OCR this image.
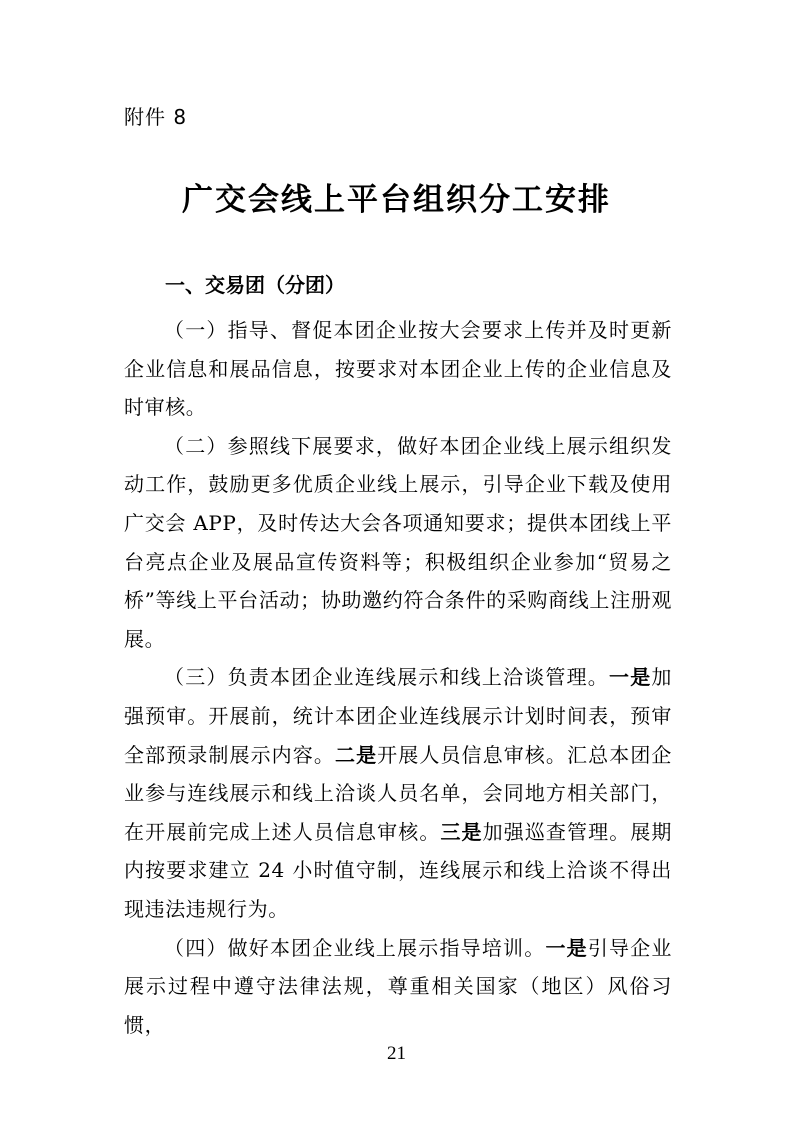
附件 8
广交会线上平台组织分工安排
一、交易团（分团）

（一）指导、督促本团企业按大会要求上传并及时更新企业信息和展品信息，按要求对本团企业上传的企业信息及时审核。

（二）参照线下展要求，做好本团企业线上展示组织发动工作，鼓励更多优质企业线上展示，引导企业下载及使用广交会 APP，及时传达大会各项通知要求；提供本团线上平台亮点企业及展品宣传资料等；积极组织企业参加“贸易之桥”等线上平台活动；协助邀约符合条件的采购商线上注册观展。

（三）负责本团企业连线展示和线上洽谈管理。一是加强预审。开展前，统计本团企业连线展示计划时间表，预审全部预录制展示内容。二是开展人员信息审核。汇总本团企业参与连线展示和线上洽谈人员名单，会同地方相关部门，在开展前完成上述人员信息审核。三是加强巡查管理。展期内按要求建立 24 小时值守制，连线展示和线上洽谈不得出现违法违规行为。

（四）做好本团企业线上展示指导培训。一是引导企业展示过程中遵守法律法规，尊重相关国家（地区）风俗习惯，

21
